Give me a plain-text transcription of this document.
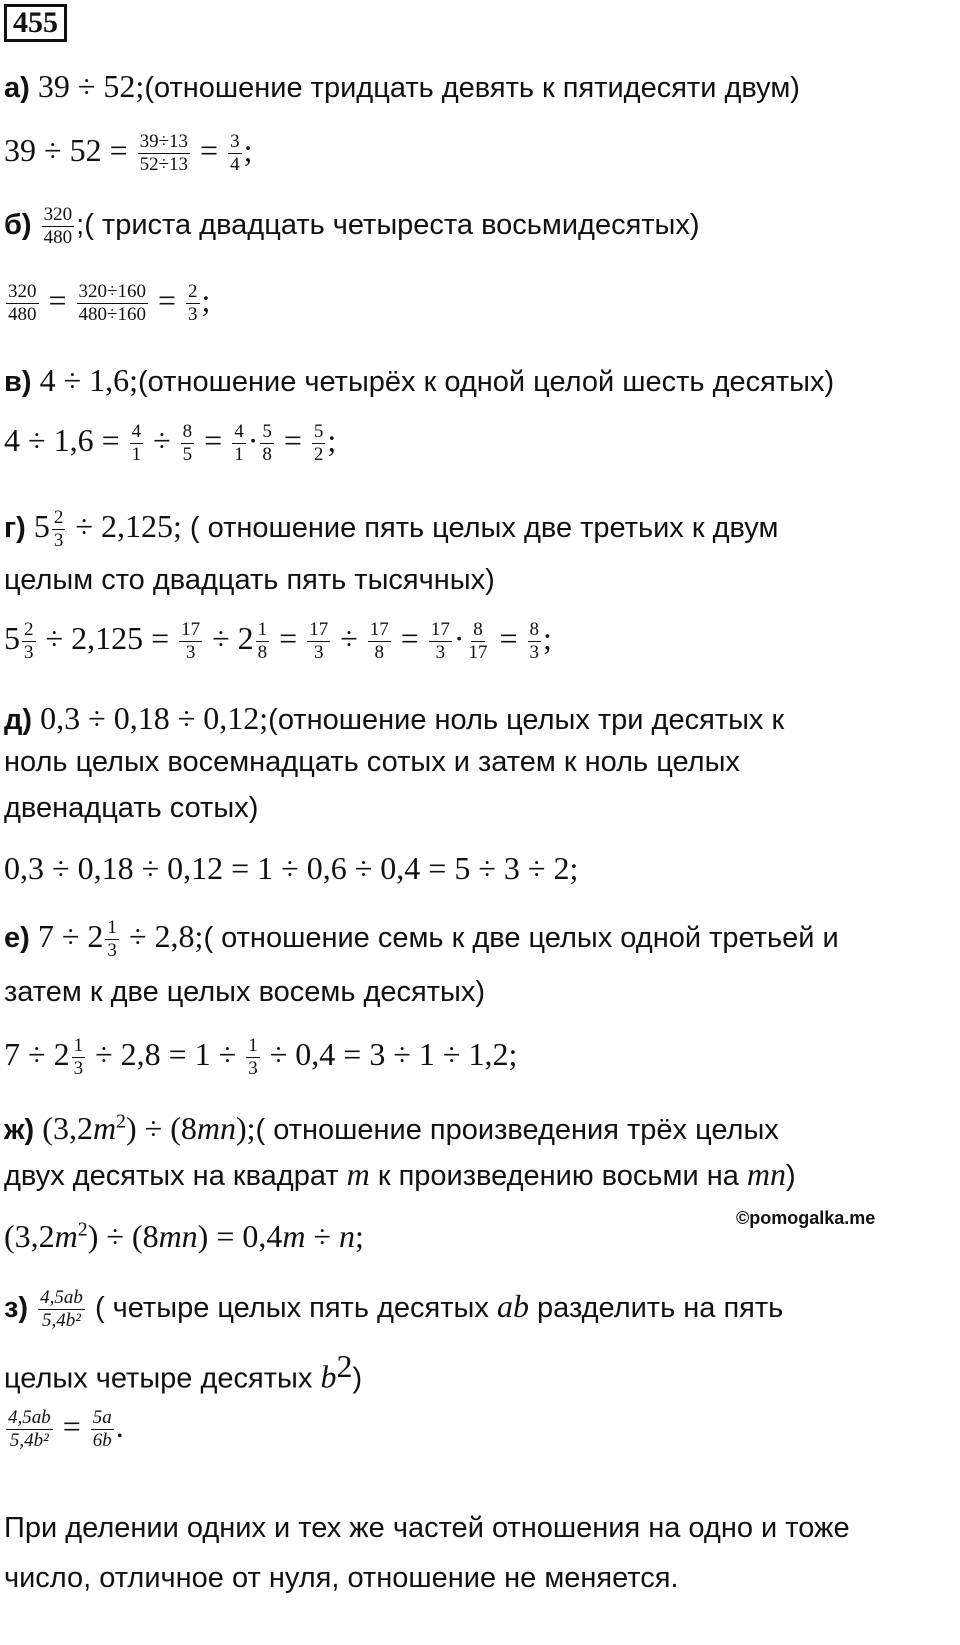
455
а) 39 ÷ 52;(отношение тридцать девять к пятидесяти двум)
$39 \div 52 = \frac{39\div 13}{52\div 13} = \frac{3}{4}$ ;
$б) \frac{320}{480}$ ;( триста двадцать четыреста восьмидесятых)
$\frac{320}{480} = \frac{320\div 160}{480\div 160} = \frac{2}{3}$ ;
в) 4 ÷ 1,6;(отношение четырёх к одной целой шесть десятых)
$4 \div 1,6 = \frac{4}{1} \div \frac{8}{5} = \frac{4}{1} \cdot \frac{5}{8} = \frac{5}{2}$ ;
г) $5 \frac{2}{3} \div 2,125$; ( отношение пять целых две третьих к двум
целым сто двадцать пять тысячных)
$5 \frac{2}{3} \div 2,125 = \frac{17}{3} \div 2 \frac{1}{8} = \frac{17}{3} \div \frac{17}{8} = \frac{17}{3} \cdot \frac{8}{17} = \frac{8}{3}$ ;
д) 0,3 ÷ 0,18 ÷ 0,12;(отношение ноль целых три десятых к
ноль целых восемнадцать сотых и затем к ноль целых
двенадцать сотых)
0,3 ÷ 0,18 ÷ 0,12 = 1 ÷ 0,6 ÷ 0,4 = 5 ÷ 3 ÷ 2;
е) $7 \div 2 \frac{1}{3}$ ÷ 2,8;( отношение семь к две целых одной третьей и
затем к две целых восемь десятых)
$7 \div 2 \frac{1}{3} \div 2,8 = 1 \div \frac{1}{3} \div 0,4 = 3 \div 1 \div 1,2$;
ж) $(3,2m^2)$ ÷ (8mn);( отношение произведения трёх целых
двух десятых на квадрат m к произведению восьми на mn)
©pomogalka.me
$(3,2m^2) \div (8mn) = 0,4m \div n$;
$з) \frac{4,5ab}{\text{5,4b²}}$ ( четыре целых пять десятых ab разделить на пять
целых четыре десятых $b^2$)
$\frac{4,5ab}{\text{5,4b²}} = \frac{5a}{6b}$ .
При делении одних и тех же частей отношения на одно и тоже
число, отличное от нуля, отношение не меняется.
